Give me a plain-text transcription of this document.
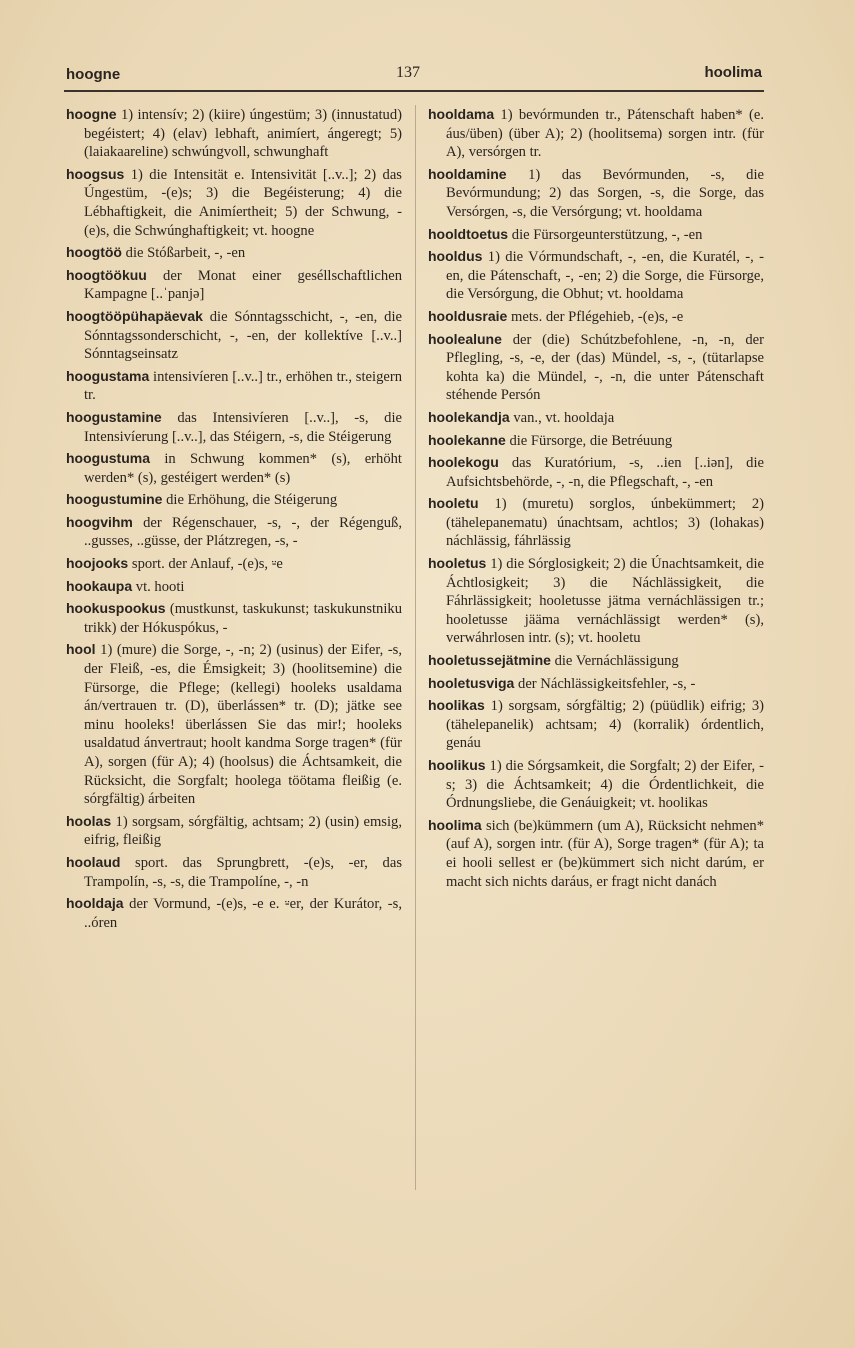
hoogne	137	hoolima

hoogne 1) intensív; 2) (kiire) úngestüm; 3) (innustatud) begéistert; 4) (elav) lebhaft, animíert, ángeregt; 5) (laiakaareline) schwúngvoll, schwunghaft

hoogsus 1) die Intensität e. Intensivität [..v..]; 2) das Úngestüm, -(e)s; 3) die Begéisterung; 4) die Lébhaftigkeit, die Animíertheit; 5) der Schwung, -(e)s, die Schwúnghaftigkeit; vt. hoogne

hoogtöö die Stóßarbeit, -, -en

hoogtöökuu der Monat einer geséllschaftlichen Kampagne [..ˈpanjə]

hoogtööpühapäevak die Sónntagsschicht, -, -en, die Sónntagssonderschicht, -, -en, der kollektíve [..v..] Sónntagseinsatz

hoogustama intensivíeren [..v..] tr., erhöhen tr., steigern tr.

hoogustamine das Intensivíeren [..v..], -s, die Intensivíerung [..v..], das Stéigern, -s, die Stéigerung

hoogustuma in Schwung kommen* (s), erhöht werden* (s), gestéigert werden* (s)

hoogustumine die Erhöhung, die Stéigerung

hoogvihm der Régenschauer, -s, -, der Régenguß, ..gusses, ..güsse, der Plátzregen, -s, -

hoojooks sport. der Anlauf, -(e)s, ⸚e

hookaupa vt. hooti

hookuspookus (mustkunst, taskukunst; taskukunstniku trikk) der Hókuspókus, -

hool 1) (mure) die Sorge, -, -n; 2) (usinus) der Eifer, -s, der Fleiß, -es, die Émsigkeit; 3) (hoolitsemine) die Fürsorge, die Pflege; (kellegi) hooleks usaldama án/vertrauen tr. (D), überlássen* tr. (D); jätke see minu hooleks! überlássen Sie das mir!; hooleks usaldatud ánvertraut; hoolt kandma Sorge tragen* (für A), sorgen (für A); 4) (hoolsus) die Áchtsamkeit, die Rücksicht, die Sorgfalt; hoolega töötama fleißig (e. sórgfältig) árbeiten

hoolas 1) sorgsam, sórgfältig, achtsam; 2) (usin) emsig, eifrig, fleißig

hoolaud sport. das Sprungbrett, -(e)s, -er, das Trampolín, -s, -s, die Trampolíne, -, -n

hooldaja der Vormund, -(e)s, -e e. ⸚er, der Kurátor, -s, ..óren

hooldama 1) bevórmunden tr., Pátenschaft haben* (e. áus/üben) (über A); 2) (hoolitsema) sorgen intr. (für A), versórgen tr.

hooldamine 1) das Bevórmunden, -s, die Bevórmundung; 2) das Sorgen, -s, die Sorge, das Versórgen, -s, die Versórgung; vt. hooldama

hooldtoetus die Fürsorgeunterstützung, -, -en

hooldus 1) die Vórmundschaft, -, -en, die Kuratél, -, -en, die Pátenschaft, -, -en; 2) die Sorge, die Fürsorge, die Versórgung, die Obhut; vt. hooldama

hooldusraie mets. der Pflégehieb, -(e)s, -e

hoolealune der (die) Schútzbefohlene, -n, -n, der Pflegling, -s, -e, der (das) Mündel, -s, -, (tütarlapse kohta ka) die Mündel, -, -n, die unter Pátenschaft stéhende Persón

hoolekandja van., vt. hooldaja

hoolekanne die Fürsorge, die Betréuung

hoolekogu das Kuratórium, -s, ..ien [..iən], die Aufsichtsbehörde, -, -n, die Pflegschaft, -, -en

hooletu 1) (muretu) sorglos, únbekümmert; 2) (tähelepanematu) únachtsam, achtlos; 3) (lohakas) náchlässig, fáhrlässig

hooletus 1) die Sórglosigkeit; 2) die Únachtsamkeit, die Áchtlosigkeit; 3) die Náchlässigkeit, die Fáhrlässigkeit; hooletusse jätma vernáchlässigen tr.; hooletusse jääma vernáchlässigt werden* (s), verwáhrlosen intr. (s); vt. hooletu

hooletussejätmine die Vernáchlässigung

hooletusviga der Náchlässigkeitsfehler, -s, -

hoolikas 1) sorgsam, sórgfältig; 2) (püüdlik) eifrig; 3) (tähelepanelik) achtsam; 4) (korralik) órdentlich, genáu

hoolikus 1) die Sórgsamkeit, die Sorgfalt; 2) der Eifer, -s; 3) die Áchtsamkeit; 4) die Órdentlichkeit, die Órdnungsliebe, die Genáuigkeit; vt. hoolikas

hoolima sich (be)kümmern (um A), Rücksicht nehmen* (auf A), sorgen intr. (für A), Sorge tragen* (für A); ta ei hooli sellest er (be)kümmert sich nicht darúm, er macht sich nichts daráus, er fragt nicht danách
